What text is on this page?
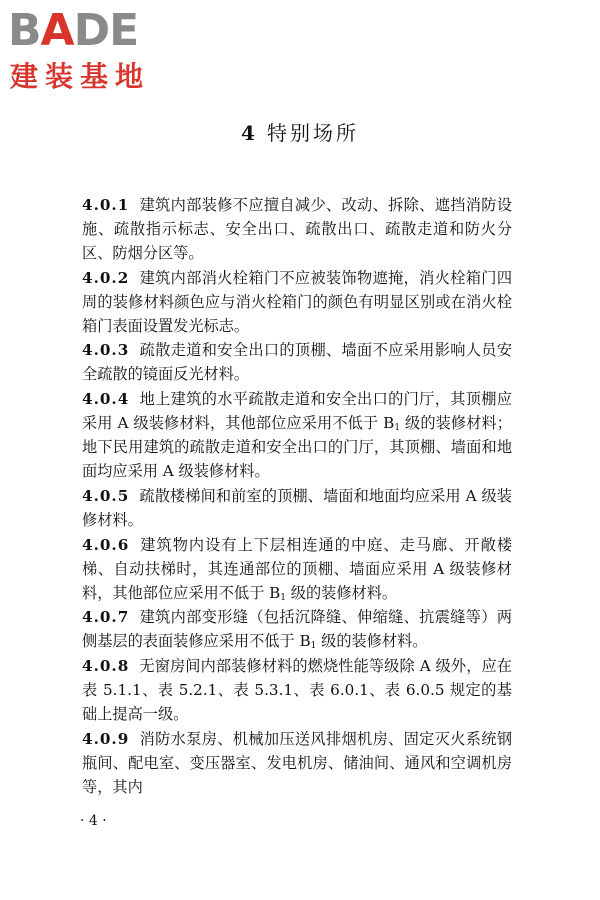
BADE
建装基地
4 特别场所

4.0.1 建筑内部装修不应擅自减少、改动、拆除、遮挡消防设施、疏散指示标志、安全出口、疏散出口、疏散走道和防火分区、防烟分区等。

4.0.2 建筑内部消火栓箱门不应被装饰物遮掩，消火栓箱门四周的装修材料颜色应与消火栓箱门的颜色有明显区别或在消火栓箱门表面设置发光标志。

4.0.3 疏散走道和安全出口的顶棚、墙面不应采用影响人员安全疏散的镜面反光材料。

4.0.4 地上建筑的水平疏散走道和安全出口的门厅，其顶棚应采用 A 级装修材料，其他部位应采用不低于 $B_1$ 级的装修材料；地下民用建筑的疏散走道和安全出口的门厅，其顶棚、墙面和地面均应采用 A 级装修材料。

4.0.5 疏散楼梯间和前室的顶棚、墙面和地面均应采用 A 级装修材料。

4.0.6 建筑物内设有上下层相连通的中庭、走马廊、开敞楼梯、自动扶梯时，其连通部位的顶棚、墙面应采用 A 级装修材料，其他部位应采用不低于 $B_1$ 级的装修材料。

4.0.7 建筑内部变形缝（包括沉降缝、伸缩缝、抗震缝等）两侧基层的表面装修应采用不低于 $B_1$ 级的装修材料。

4.0.8 无窗房间内部装修材料的燃烧性能等级除 A 级外，应在表 5.1.1、表 5.2.1、表 5.3.1、表 6.0.1、表 6.0.5 规定的基础上提高一级。

4.0.9 消防水泵房、机械加压送风排烟机房、固定灭火系统钢瓶间、配电室、变压器室、发电机房、储油间、通风和空调机房等，其内

· 4 ·
